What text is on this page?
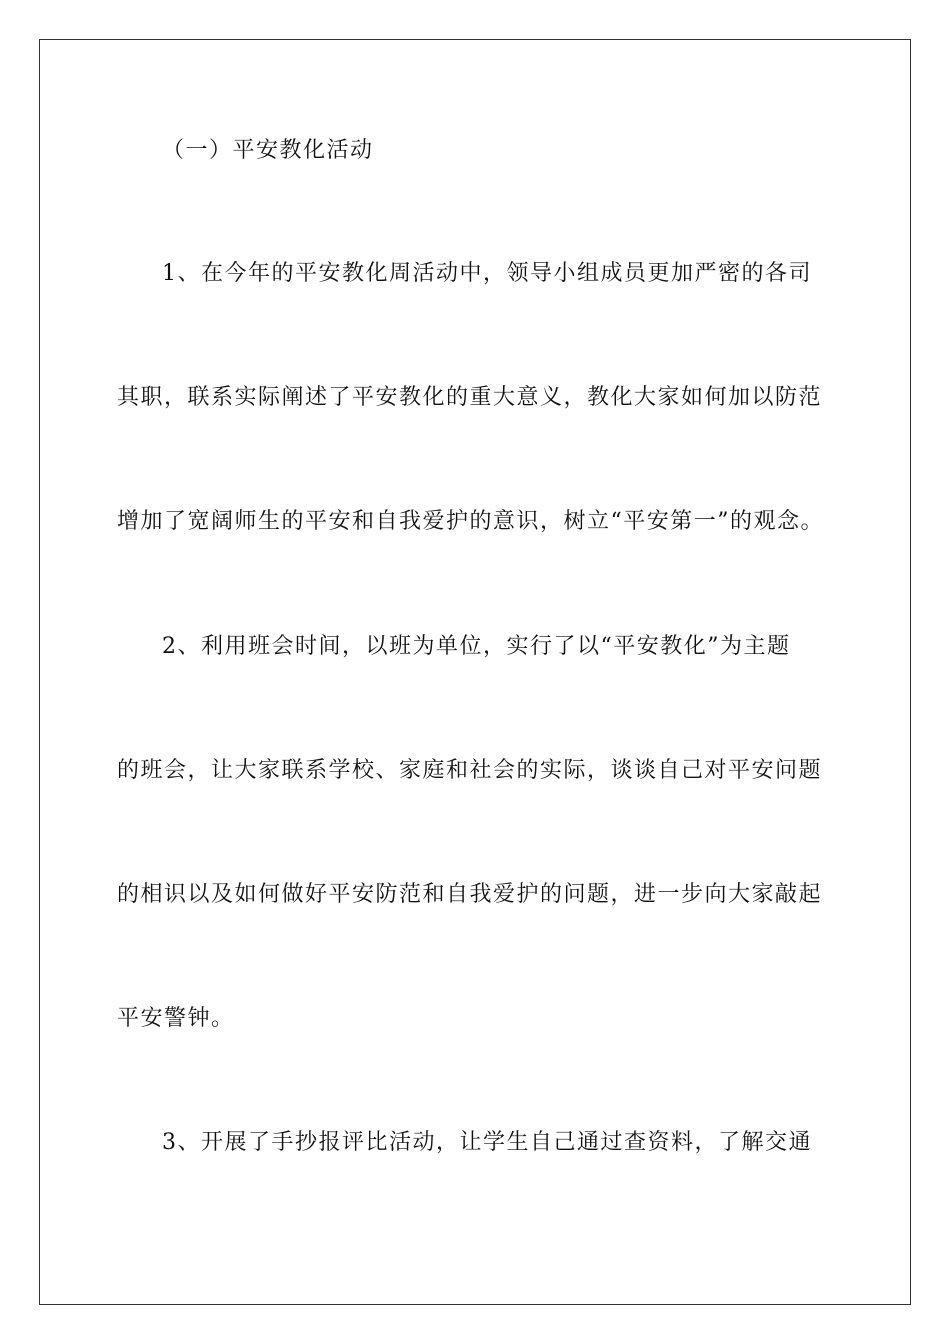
（一）平安教化活动

1、在今年的平安教化周活动中，领导小组成员更加严密的各司

其职，联系实际阐述了平安教化的重大意义，教化大家如何加以防范

增加了宽阔师生的平安和自我爱护的意识，树立“平安第一”的观念。

2、利用班会时间，以班为单位，实行了以“平安教化”为主题

的班会，让大家联系学校、家庭和社会的实际，谈谈自己对平安问题

的相识以及如何做好平安防范和自我爱护的问题，进一步向大家敲起

平安警钟。

3、开展了手抄报评比活动，让学生自己通过查资料，了解交通
